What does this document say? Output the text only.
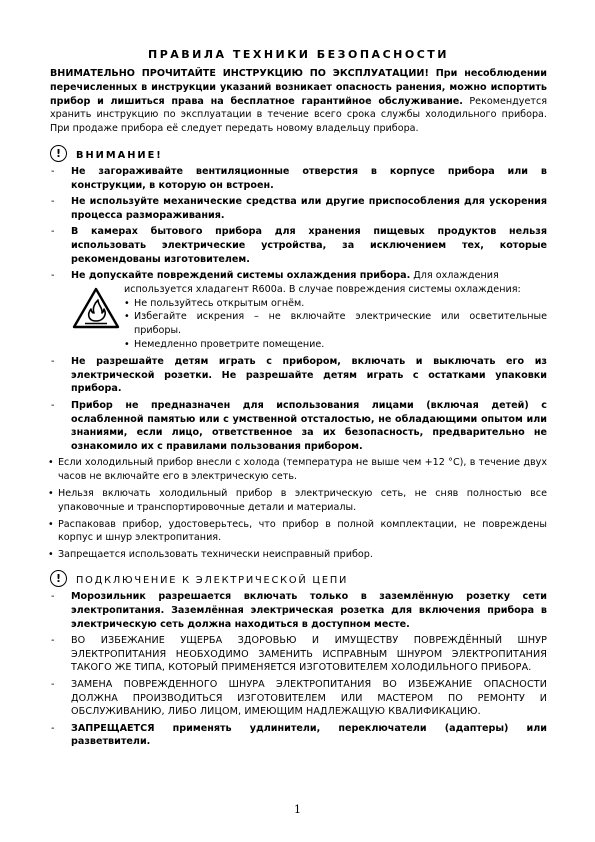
ПРАВИЛА ТЕХНИКИ БЕЗОПАСНОСТИ

ВНИМАТЕЛЬНО ПРОЧИТАЙТЕ ИНСТРУКЦИЮ ПО ЭКСПЛУАТАЦИИ! При несоблюдении перечисленных в инструкции указаний возникает опасность ранения, можно испортить прибор и лишиться права на бесплатное гарантийное обслуживание. Рекомендуется хранить инструкцию по эксплуатации в течение всего срока службы холодильного прибора. При продаже прибора её следует передать новому владельцу прибора.

!	ВНИМАНИЕ!
-	Не загораживайте вентиляционные отверстия в корпусе прибора или в конструкции, в которую он встроен.
-	Не используйте механические средства или другие приспособления для ускорения процесса размораживания.
-	В камерах бытового прибора для хранения пищевых продуктов нельзя использовать электрические устройства, за исключением тех, которые рекомендованы изготовителем.
-	Не допускайте повреждений системы охлаждения прибора. Для охлаждения
используется хладагент R600a. В случае повреждения системы охлаждения:
• Не пользуйтесь открытым огнём.
• Избегайте искрения – не включайте электрические или осветительные приборы.
• Немедленно проветрите помещение.
-	Не разрешайте детям играть с прибором, включать и выключать его из электрической розетки. Не разрешайте детям играть с остатками упаковки прибора.
-	Прибор не предназначен для использования лицами (включая детей) с ослабленной памятью или с умственной отсталостью, не обладающими опытом или знаниями, если лицо, ответственное за их безопасность, предварительно не ознакомило их с правилами пользования прибором.
• Если холодильный прибор внесли с холода (температура не выше чем +12 °С), в течение двух часов не включайте его в электрическую сеть.
• Нельзя включать холодильный прибор в электрическую сеть, не сняв полностью все упаковочные и транспортировочные детали и материалы.
• Распаковав прибор, удостоверьтесь, что прибор в полной комплектации, не повреждены корпус и шнур электропитания.
• Запрещается использовать технически неисправный прибор.
!	ПОДКЛЮЧЕНИЕ К ЭЛЕКТРИЧЕСКОЙ ЦЕПИ
-	Морозильник разрешается включать только в заземлённую розетку сети электропитания. Заземлённая электрическая розетка для включения прибора в электрическую сеть должна находиться в доступном месте.
-	ВО ИЗБЕЖАНИЕ УЩЕРБА ЗДОРОВЬЮ И ИМУЩЕСТВУ ПОВРЕЖДЁННЫЙ ШНУР ЭЛЕКТРОПИТАНИЯ НЕОБХОДИМО ЗАМЕНИТЬ ИСПРАВНЫМ ШНУРОМ ЭЛЕКТРОПИТАНИЯ ТАКОГО ЖЕ ТИПА, КОТОРЫЙ ПРИМЕНЯЕТСЯ ИЗГОТОВИТЕЛЕМ ХОЛОДИЛЬНОГО ПРИБОРА.
-	ЗАМЕНА ПОВРЕЖДЕННОГО ШНУРА ЭЛЕКТРОПИТАНИЯ ВО ИЗБЕЖАНИЕ ОПАСНОСТИ ДОЛЖНА ПРОИЗВОДИТЬСЯ ИЗГОТОВИТЕЛЕМ ИЛИ МАСТЕРОМ ПО РЕМОНТУ И ОБСЛУЖИВАНИЮ, ЛИБО ЛИЦОМ, ИМЕЮЩИМ НАДЛЕЖАЩУЮ КВАЛИФИКАЦИЮ.
-	ЗАПРЕЩАЕТСЯ применять удлинители, переключатели (адаптеры) или разветвители.
1
